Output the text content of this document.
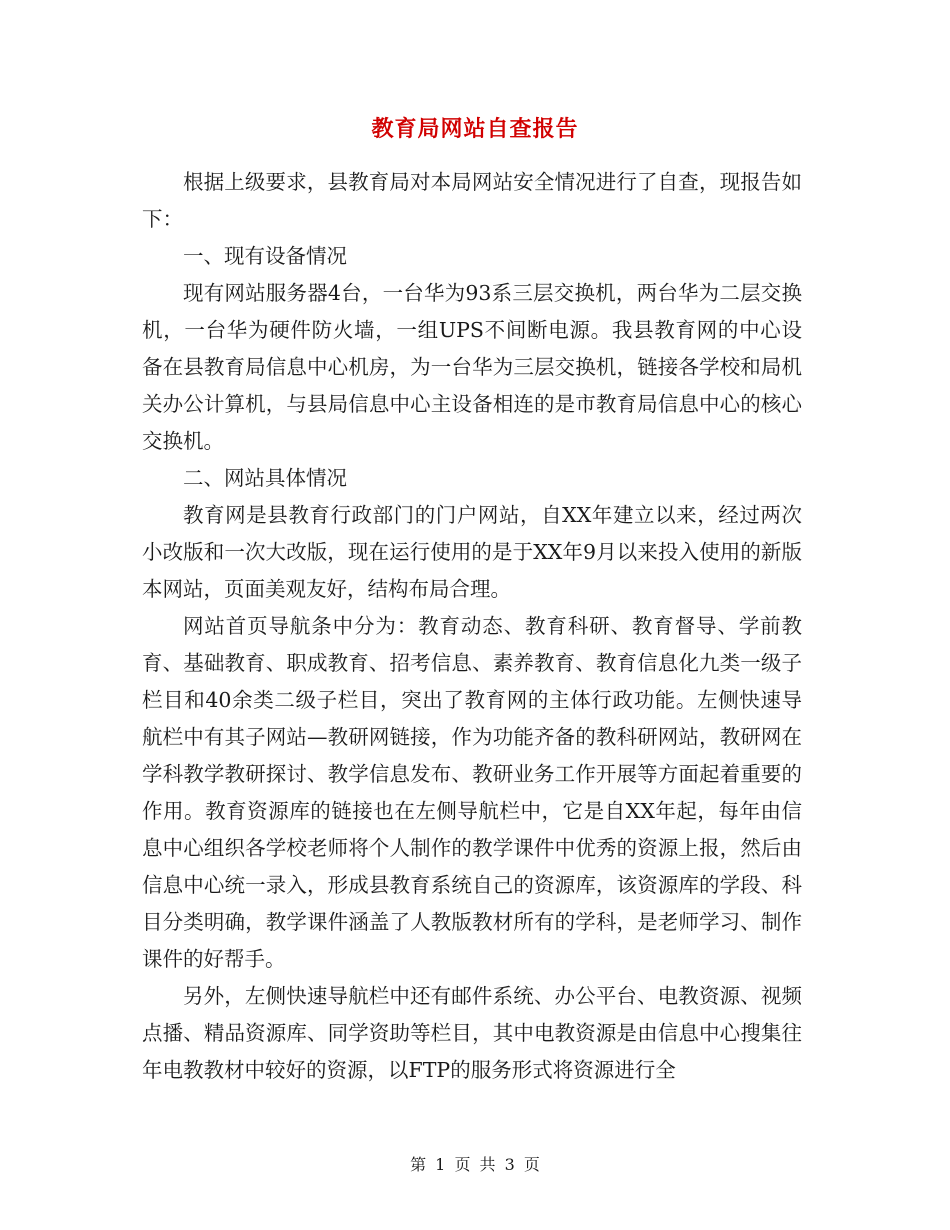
教育局网站自查报告

根据上级要求，县教育局对本局网站安全情况进行了自查，现报告如下：

一、现有设备情况

现有网站服务器4台，一台华为93系三层交换机，两台华为二层交换机，一台华为硬件防火墙，一组UPS不间断电源。我县教育网的中心设备在县教育局信息中心机房，为一台华为三层交换机，链接各学校和局机关办公计算机，与县局信息中心主设备相连的是市教育局信息中心的核心交换机。

二、网站具体情况

教育网是县教育行政部门的门户网站，自XX年建立以来，经过两次小改版和一次大改版，现在运行使用的是于XX年9月以来投入使用的新版本网站，页面美观友好，结构布局合理。

网站首页导航条中分为：教育动态、教育科研、教育督导、学前教育、基础教育、职成教育、招考信息、素养教育、教育信息化九类一级子栏目和40余类二级子栏目，突出了教育网的主体行政功能。左侧快速导航栏中有其子网站—教研网链接，作为功能齐备的教科研网站，教研网在学科教学教研探讨、教学信息发布、教研业务工作开展等方面起着重要的作用。教育资源库的链接也在左侧导航栏中，它是自XX年起，每年由信息中心组织各学校老师将个人制作的教学课件中优秀的资源上报，然后由信息中心统一录入，形成县教育系统自己的资源库，该资源库的学段、科目分类明确，教学课件涵盖了人教版教材所有的学科，是老师学习、制作课件的好帮手。

另外，左侧快速导航栏中还有邮件系统、办公平台、电教资源、视频点播、精品资源库、同学资助等栏目，其中电教资源是由信息中心搜集往年电教教材中较好的资源，以FTP的服务形式将资源进行全

第 1 页 共 3 页
